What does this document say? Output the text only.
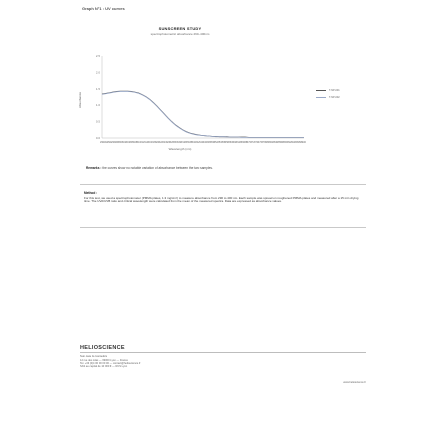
Graph N°1 : UV curves
SUNSCREEN STUDY
spectrophotometric absorbance 290–400nm
Absorbance
0.0
0.5
1.0
1.5
2.0
2.5
290 292 294 296 298 300 302 304 306 308 310 312 314 316 318 320 322 324 326 328 330 332 334 336 338 340 342 344 346 348 350 352 354 356 358 360 362 364 366 368 370 372 374 376 378 380 382 384 386 388 390 392 394 396 398 400
Wavelength (nm)
T-NP-001
T-NP-002
Remarks : the curves show no notable variation of absorbance between the two samples.
Method :
For this test, we used a spectrophotometer (PMMA plates, 1.3 mg/cm²) to measure absorbance from 290 to 400 nm. Each sample was spread on roughened PMMA plates and measured after a 15 min drying time. The UVA/UVB ratio and critical wavelength were calculated from the mean of the measured spectra. Data are expressed as absorbance values.
HELIOSCIENCE
Sun care & cosmetics
12 rue des Lilas — 69000 Lyon — France
Tel. +33 (0)4 00 00 00 00 — contact@helioscience.fr
SAS au capital de 10 000 € — RCS Lyon
www.helioscience.fr
